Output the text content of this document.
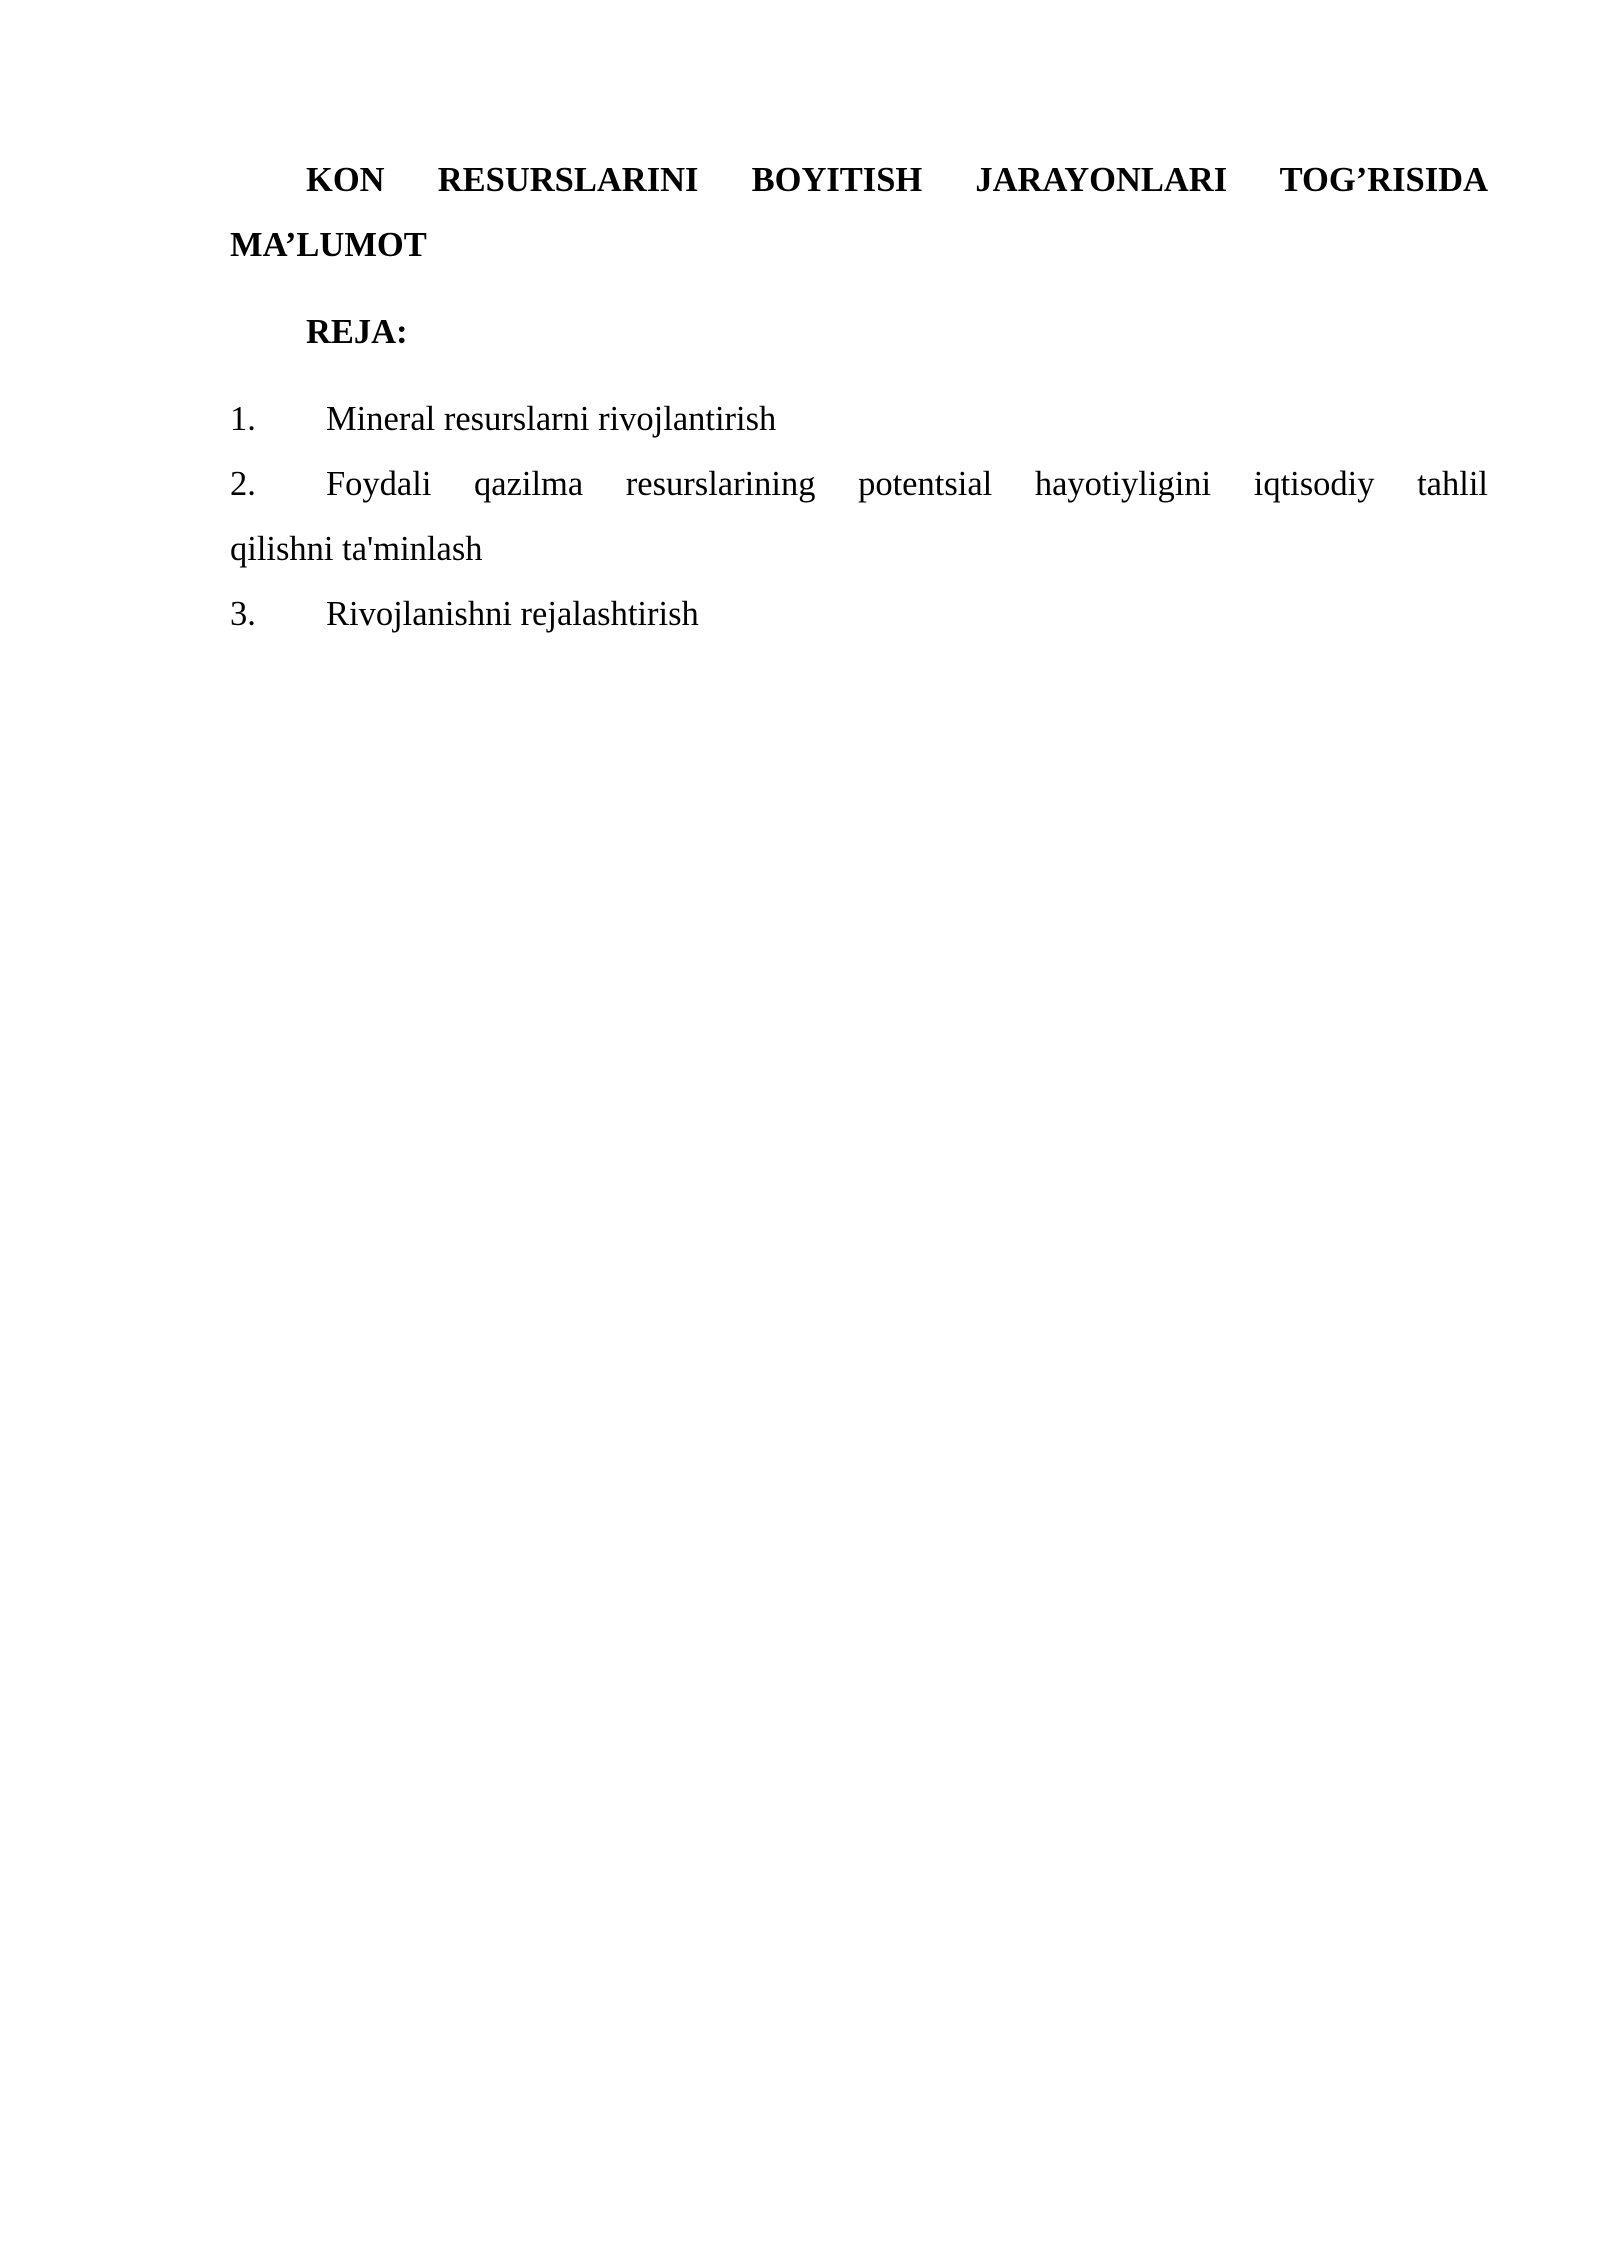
KON RESURSLARINI BOYITISH JARAYONLARI TOG’RISIDA
MA’LUMOT

REJA:

1. Mineral resurslarni rivojlantirish
2. Foydali qazilma resurslarining potentsial hayotiyligini iqtisodiy tahlil
qilishni ta'minlash
3. Rivojlanishni rejalashtirish
